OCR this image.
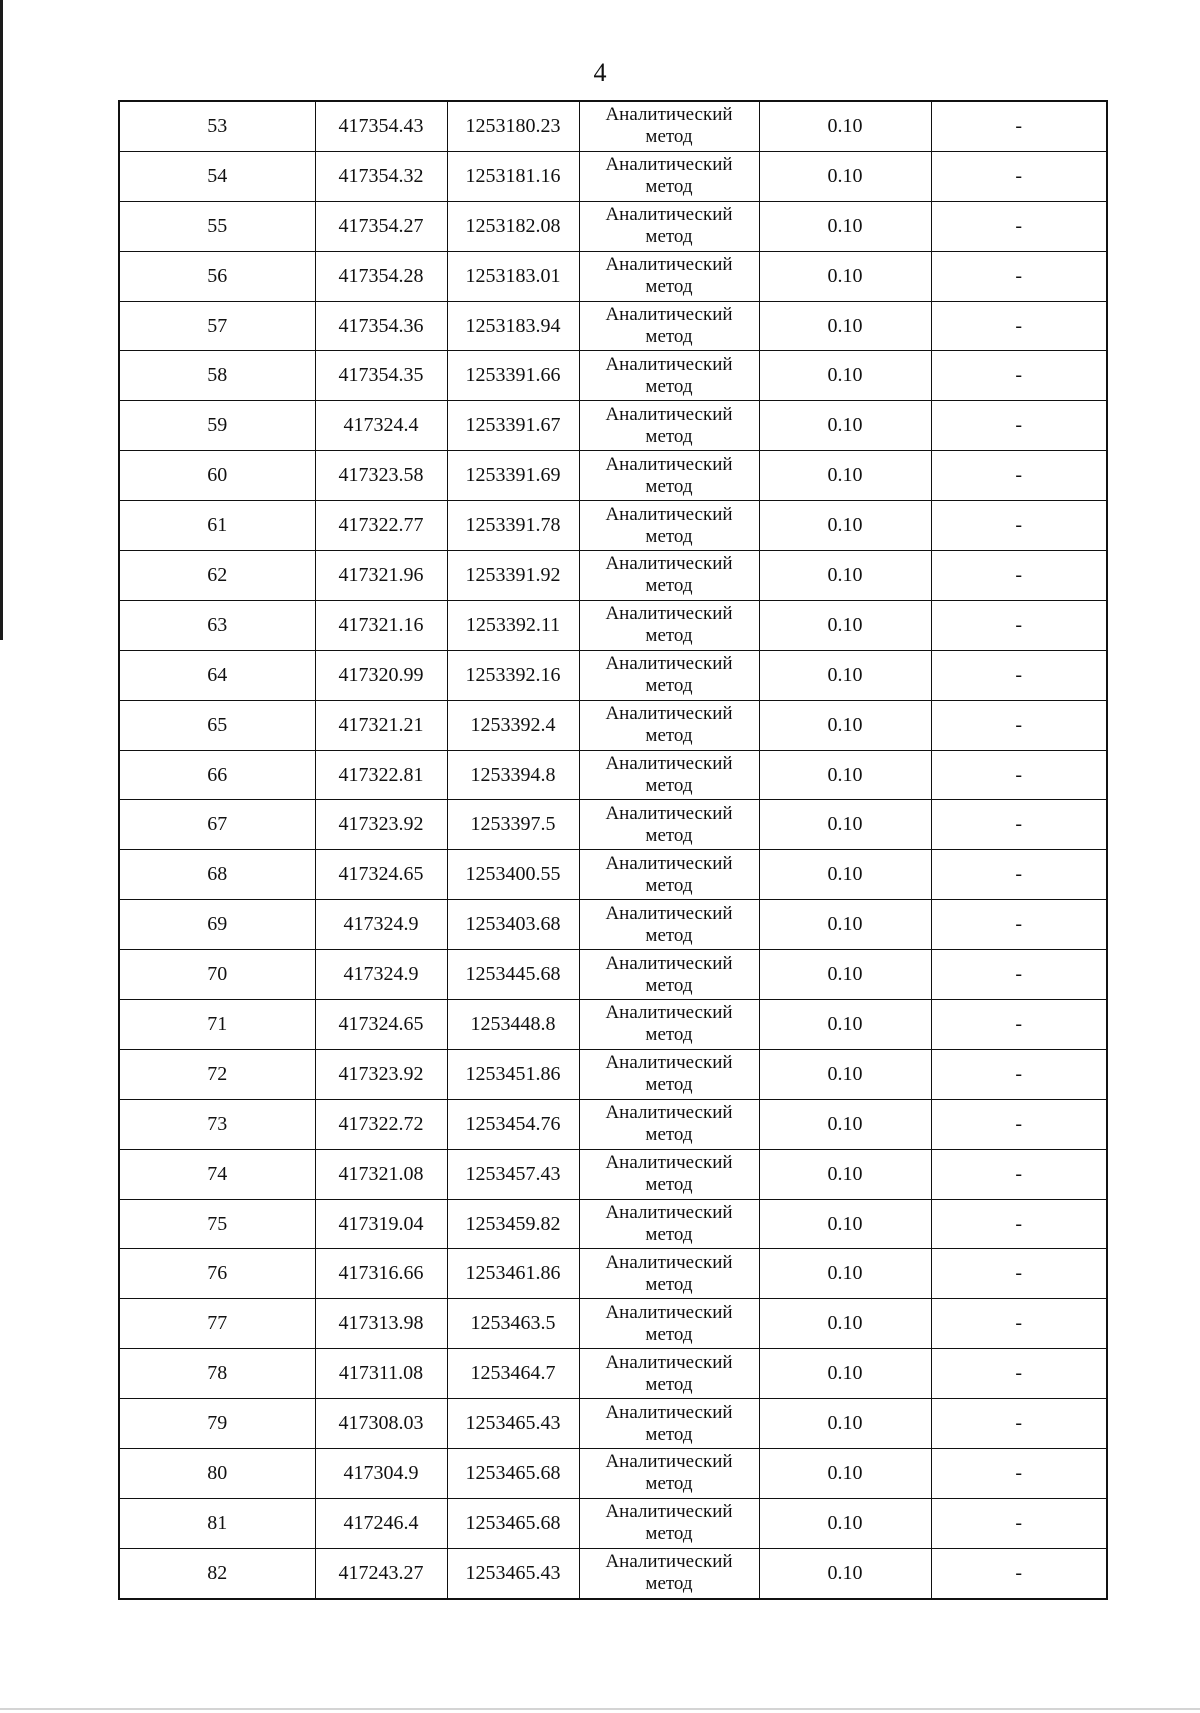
4
53	417354.43	1253180.23	Аналитический
метод	0.10	-
54	417354.32	1253181.16	Аналитический
метод	0.10	-
55	417354.27	1253182.08	Аналитический
метод	0.10	-
56	417354.28	1253183.01	Аналитический
метод	0.10	-
57	417354.36	1253183.94	Аналитический
метод	0.10	-
58	417354.35	1253391.66	Аналитический
метод	0.10	-
59	417324.4	1253391.67	Аналитический
метод	0.10	-
60	417323.58	1253391.69	Аналитический
метод	0.10	-
61	417322.77	1253391.78	Аналитический
метод	0.10	-
62	417321.96	1253391.92	Аналитический
метод	0.10	-
63	417321.16	1253392.11	Аналитический
метод	0.10	-
64	417320.99	1253392.16	Аналитический
метод	0.10	-
65	417321.21	1253392.4	Аналитический
метод	0.10	-
66	417322.81	1253394.8	Аналитический
метод	0.10	-
67	417323.92	1253397.5	Аналитический
метод	0.10	-
68	417324.65	1253400.55	Аналитический
метод	0.10	-
69	417324.9	1253403.68	Аналитический
метод	0.10	-
70	417324.9	1253445.68	Аналитический
метод	0.10	-
71	417324.65	1253448.8	Аналитический
метод	0.10	-
72	417323.92	1253451.86	Аналитический
метод	0.10	-
73	417322.72	1253454.76	Аналитический
метод	0.10	-
74	417321.08	1253457.43	Аналитический
метод	0.10	-
75	417319.04	1253459.82	Аналитический
метод	0.10	-
76	417316.66	1253461.86	Аналитический
метод	0.10	-
77	417313.98	1253463.5	Аналитический
метод	0.10	-
78	417311.08	1253464.7	Аналитический
метод	0.10	-
79	417308.03	1253465.43	Аналитический
метод	0.10	-
80	417304.9	1253465.68	Аналитический
метод	0.10	-
81	417246.4	1253465.68	Аналитический
метод	0.10	-
82	417243.27	1253465.43	Аналитический
метод	0.10	-
